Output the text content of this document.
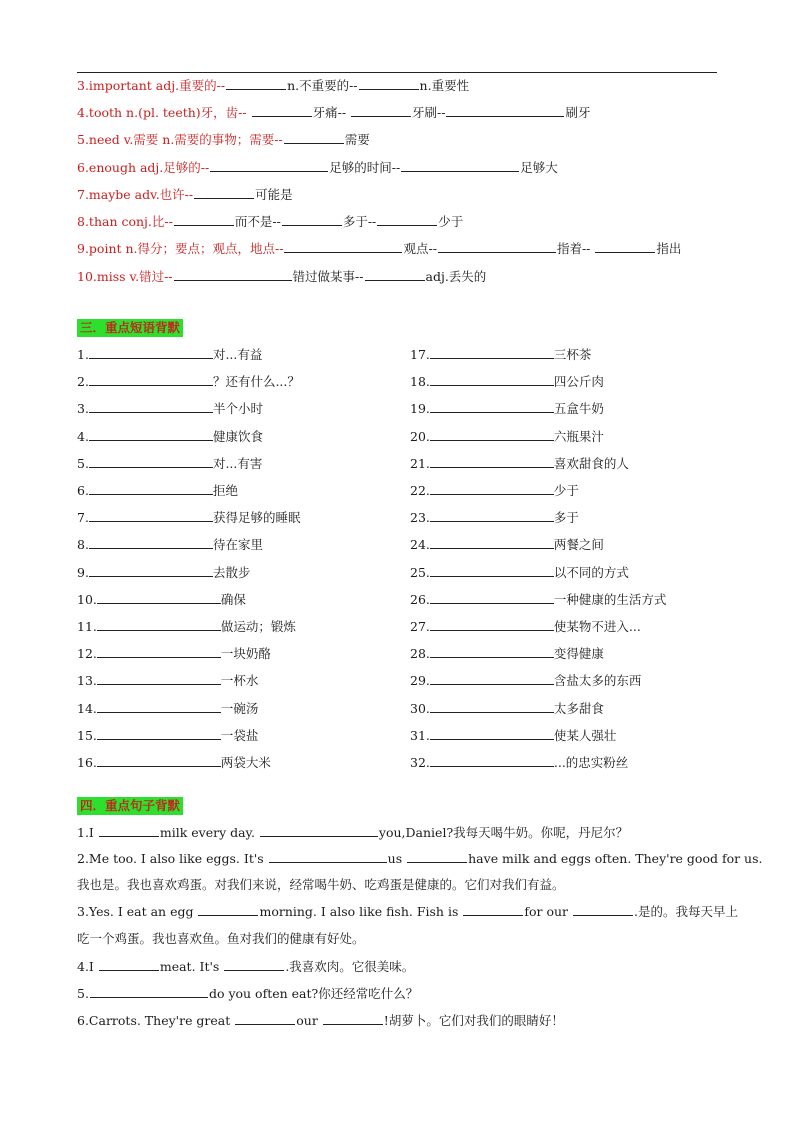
3.important adj.重要的--	n.不重要的--	n.重要性
4.tooth n.(pl. teeth)牙，齿--	牙痛--	牙刷--	刷牙
5.need v.需要 n.需要的事物；需要--	需要
6.enough adj.足够的--	足够的时间--	足够大
7.maybe adv.也许--	可能是
8.than conj.比--	而不是--	多于--	少于
9.point n.得分；要点；观点，地点--	观点--	指着--	指出
10.miss v.错过--	错过做某事--	adj.丢失的
三．重点短语背默
1.	对...有益
2.	？还有什么...？
3.	半个小时
4.	健康饮食
5.	对...有害
6.	拒绝
7.	获得足够的睡眠
8.	待在家里
9.	去散步
10.	确保
11.	做运动；锻炼
12.	一块奶酪
13.	一杯水
14.	一碗汤
15.	一袋盐
16.	两袋大米
17.	三杯茶
18.	四公斤肉
19.	五盒牛奶
20.	六瓶果汁
21.	喜欢甜食的人
22.	少于
23.	多于
24.	两餐之间
25.	以不同的方式
26.	一种健康的生活方式
27.	使某物不进入...
28.	变得健康
29.	含盐太多的东西
30.	太多甜食
31.	使某人强壮
32.	...的忠实粉丝
四．重点句子背默
1.I	milk every day.	you,Daniel?我每天喝牛奶。你呢，丹尼尔？
2.Me too. I also like eggs. It's	us	have milk and eggs often. They're good for us.
我也是。我也喜欢鸡蛋。对我们来说，经常喝牛奶、吃鸡蛋是健康的。它们对我们有益。
3.Yes. I eat an egg	morning. I also like fish. Fish is	for our	.是的。我每天早上
吃一个鸡蛋。我也喜欢鱼。鱼对我们的健康有好处。
4.I	meat. It's	.我喜欢肉。它很美味。
5.	do you often eat?你还经常吃什么？
6.Carrots. They're great	our	!胡萝卜。它们对我们的眼睛好！
